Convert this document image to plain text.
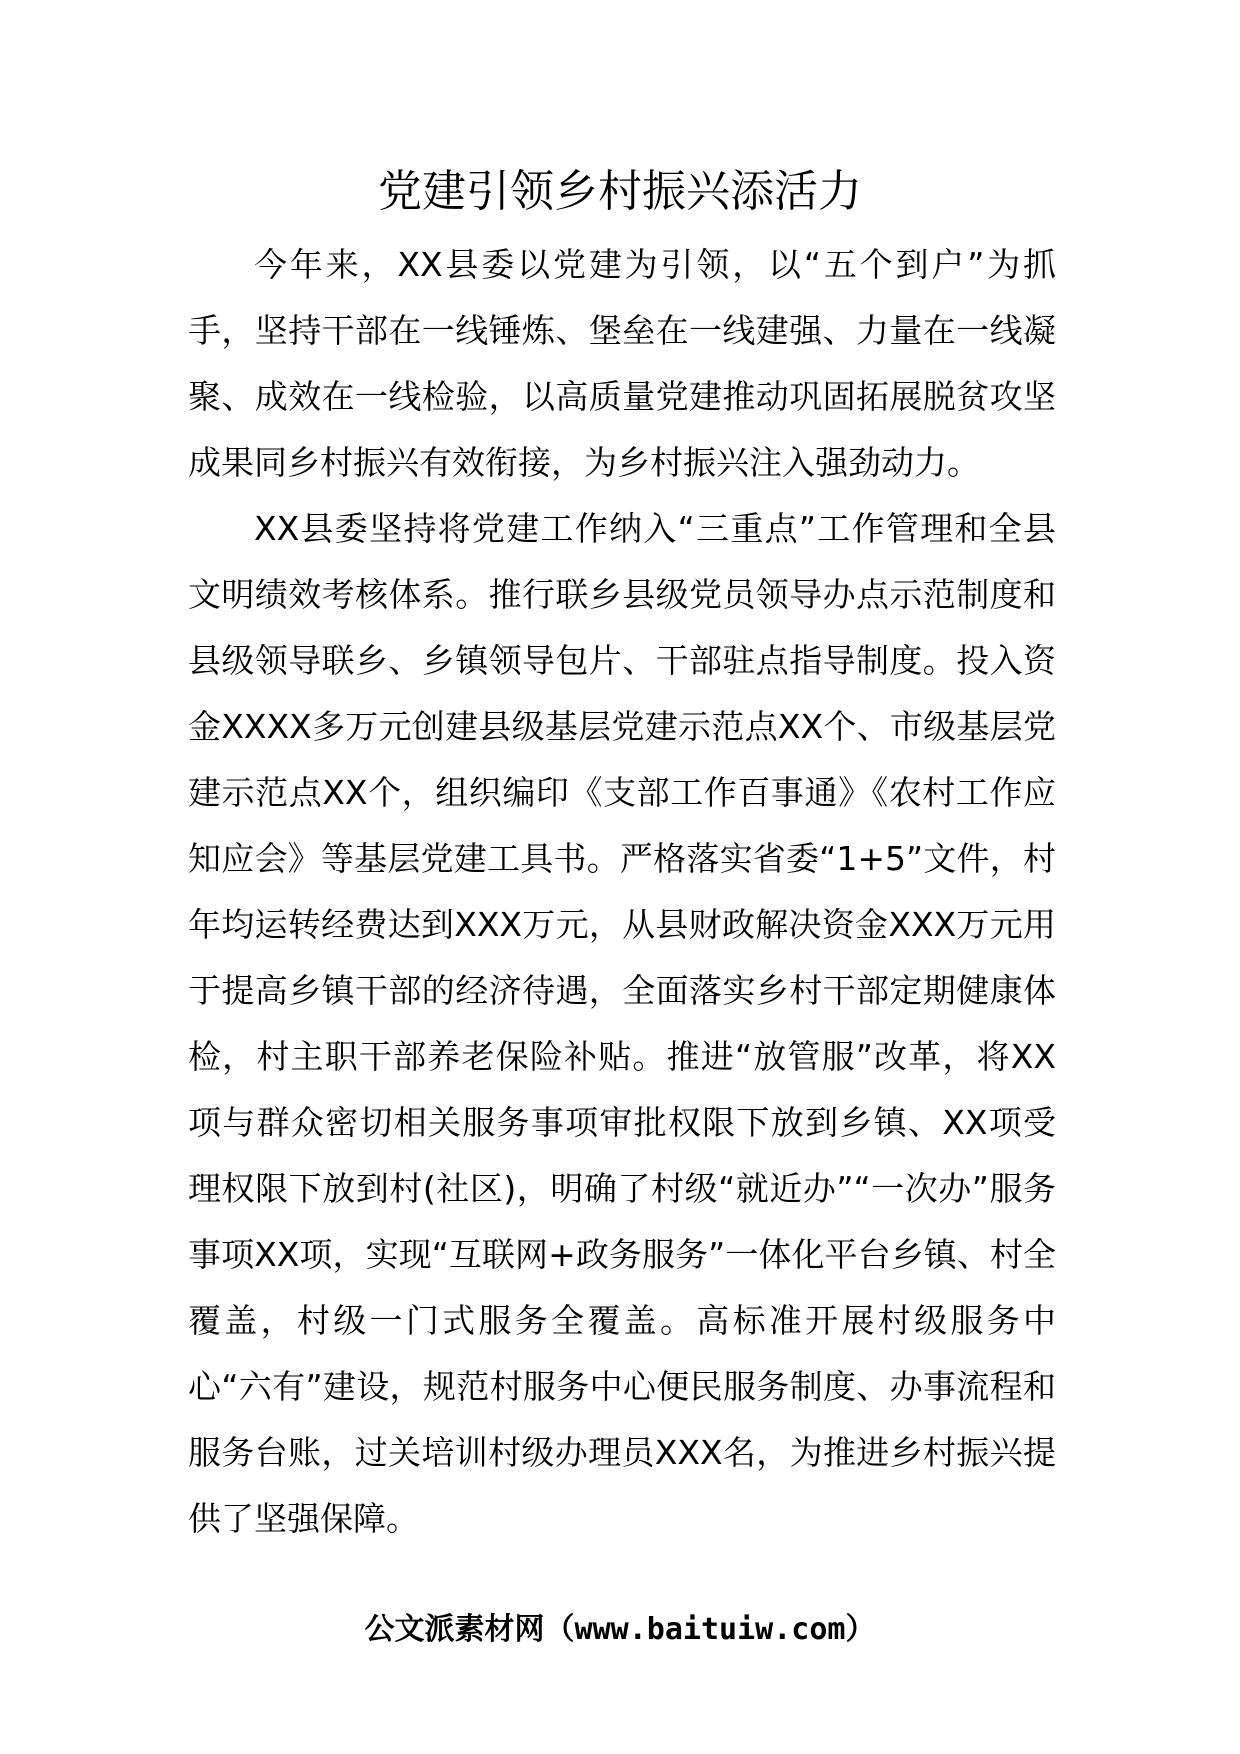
党建引领乡村振兴添活力

今年来，XX县委以党建为引领，以“五个到户”为抓手，坚持干部在一线锤炼、堡垒在一线建强、力量在一线凝聚、成效在一线检验，以高质量党建推动巩固拓展脱贫攻坚成果同乡村振兴有效衔接，为乡村振兴注入强劲动力。

XX县委坚持将党建工作纳入“三重点”工作管理和全县文明绩效考核体系。推行联乡县级党员领导办点示范制度和县级领导联乡、乡镇领导包片、干部驻点指导制度。投入资金XXXX多万元创建县级基层党建示范点XX个、市级基层党建示范点XX个，组织编印《支部工作百事通》《农村工作应知应会》等基层党建工具书。严格落实省委“1+5”文件，村年均运转经费达到XXX万元，从县财政解决资金XXX万元用于提高乡镇干部的经济待遇，全面落实乡村干部定期健康体检，村主职干部养老保险补贴。推进“放管服”改革，将XX项与群众密切相关服务事项审批权限下放到乡镇、XX项受理权限下放到村(社区)，明确了村级“就近办”“一次办”服务事项XX项，实现“互联网+政务服务”一体化平台乡镇、村全覆盖，村级一门式服务全覆盖。高标准开展村级服务中心“六有”建设，规范村服务中心便民服务制度、办事流程和服务台账，过关培训村级办理员XXX名，为推进乡村振兴提供了坚强保障。

公文派素材网（www.baituiw.com）
